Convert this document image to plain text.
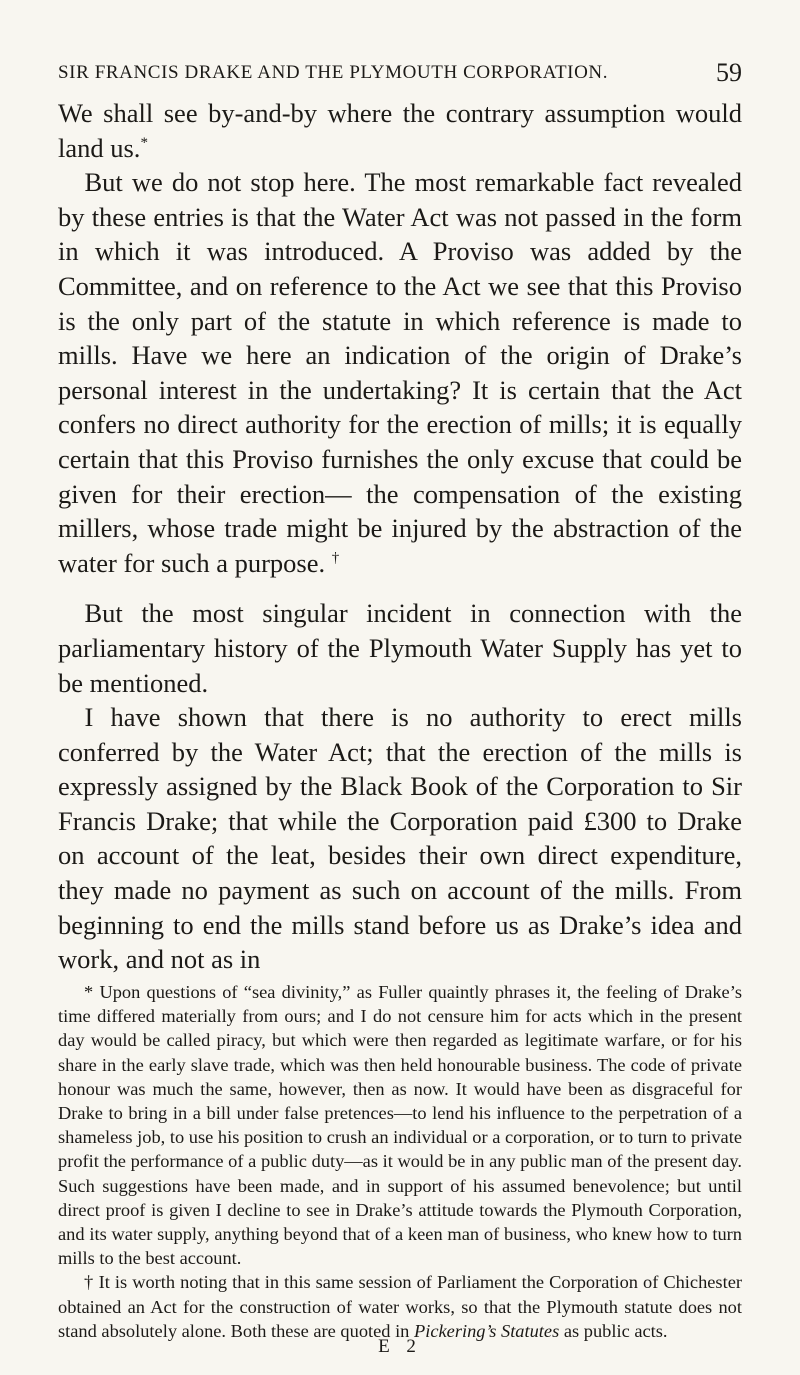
SIR FRANCIS DRAKE AND THE PLYMOUTH CORPORATION.	59

We shall see by-and-by where the contrary assumption would land us.*

 But we do not stop here. The most remarkable fact revealed by these entries is that the Water Act was not passed in the form in which it was introduced. A Proviso was added by the Committee, and on reference to the Act we see that this Proviso is the only part of the statute in which reference is made to mills. Have we here an indication of the origin of Drake’s personal interest in the undertaking? It is certain that the Act confers no direct authority for the erection of mills; it is equally certain that this Proviso furnishes the only excuse that could be given for their erection— the compensation of the existing millers, whose trade might be injured by the abstraction of the water for such a purpose. †

 But the most singular incident in connection with the parliamentary history of the Plymouth Water Supply has yet to be mentioned.

 I have shown that there is no authority to erect mills conferred by the Water Act; that the erection of the mills is expressly assigned by the Black Book of the Corporation to Sir Francis Drake; that while the Corporation paid £300 to Drake on account of the leat, besides their own direct expenditure, they made no payment as such on account of the mills. From beginning to end the mills stand before us as Drake’s idea and work, and not as in

* Upon questions of “sea divinity,” as Fuller quaintly phrases it, the feeling of Drake’s time differed materially from ours; and I do not censure him for acts which in the present day would be called piracy, but which were then regarded as legitimate warfare, or for his share in the early slave trade, which was then held honourable business. The code of private honour was much the same, however, then as now. It would have been as disgraceful for Drake to bring in a bill under false pretences—to lend his influence to the perpetration of a shameless job, to use his position to crush an individual or a corporation, or to turn to private profit the performance of a public duty—as it would be in any public man of the present day. Such suggestions have been made, and in support of his assumed benevolence; but until direct proof is given I decline to see in Drake’s attitude towards the Plymouth Corporation, and its water supply, anything beyond that of a keen man of business, who knew how to turn mills to the best account.

† It is worth noting that in this same session of Parliament the Corporation of Chichester obtained an Act for the construction of water works, so that the Plymouth statute does not stand absolutely alone. Both these are quoted in Pickering’s Statutes as public acts.

E 2
